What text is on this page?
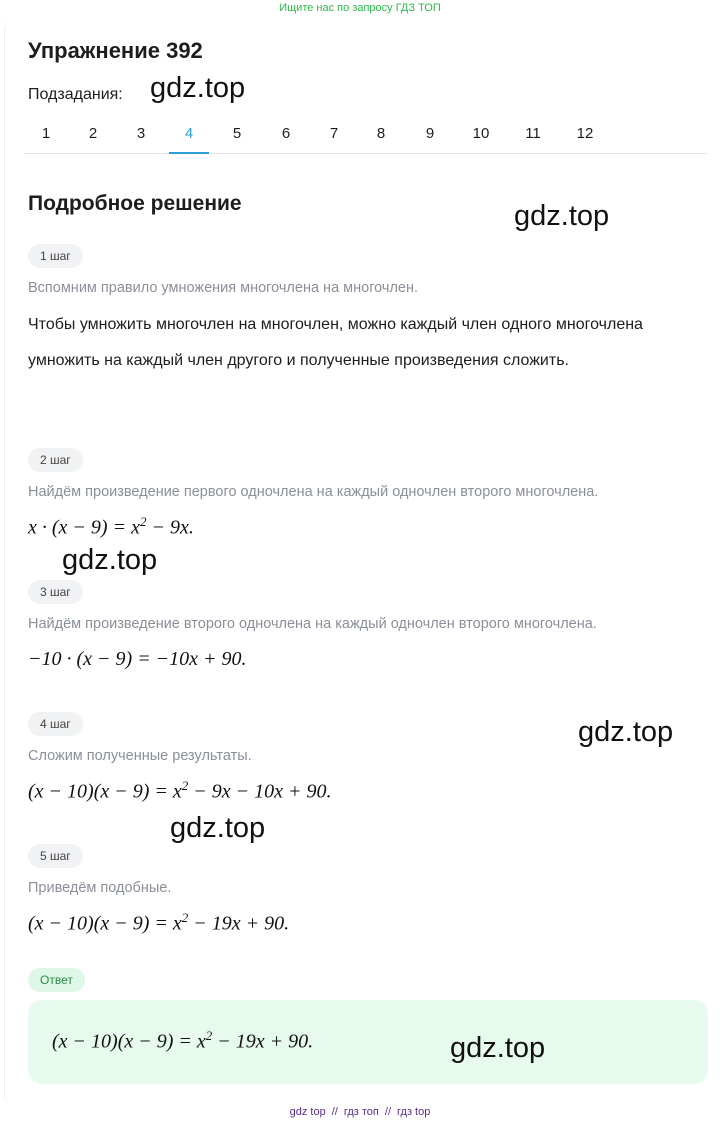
Ищите нас по запросу ГДЗ ТОП
Упражнение 392
Подзадания: gdz.top
1	2	3	4	5	6	7	8	9	10	11	12
Подробное решение	gdz.top
1 шаг
Вспомним правило умножения многочлена на многочлен.
Чтобы умножить многочлен на многочлен, можно каждый член одного многочлена умножить на каждый член другого и полученные произведения сложить.
2 шаг
Найдём произведение первого одночлена на каждый одночлен второго многочлена.
$x \cdot (x - 9) = x^2 - 9x$.
gdz.top
3 шаг
Найдём произведение второго одночлена на каждый одночлен второго многочлена.
−10 · (x − 9) = −10x + 90.
4 шаг	gdz.top
Сложим полученные результаты.
$(x - 10)(x - 9) = x^2 - 9x - 10x + 90$.
gdz.top
5 шаг
Приведём подобные.
$(x - 10)(x - 9) = x^2 - 19x + 90$.
Ответ
$(x - 10)(x - 9) = x^2 - 19x + 90$.	gdz.top
gdz top // гдз топ // гдз top
